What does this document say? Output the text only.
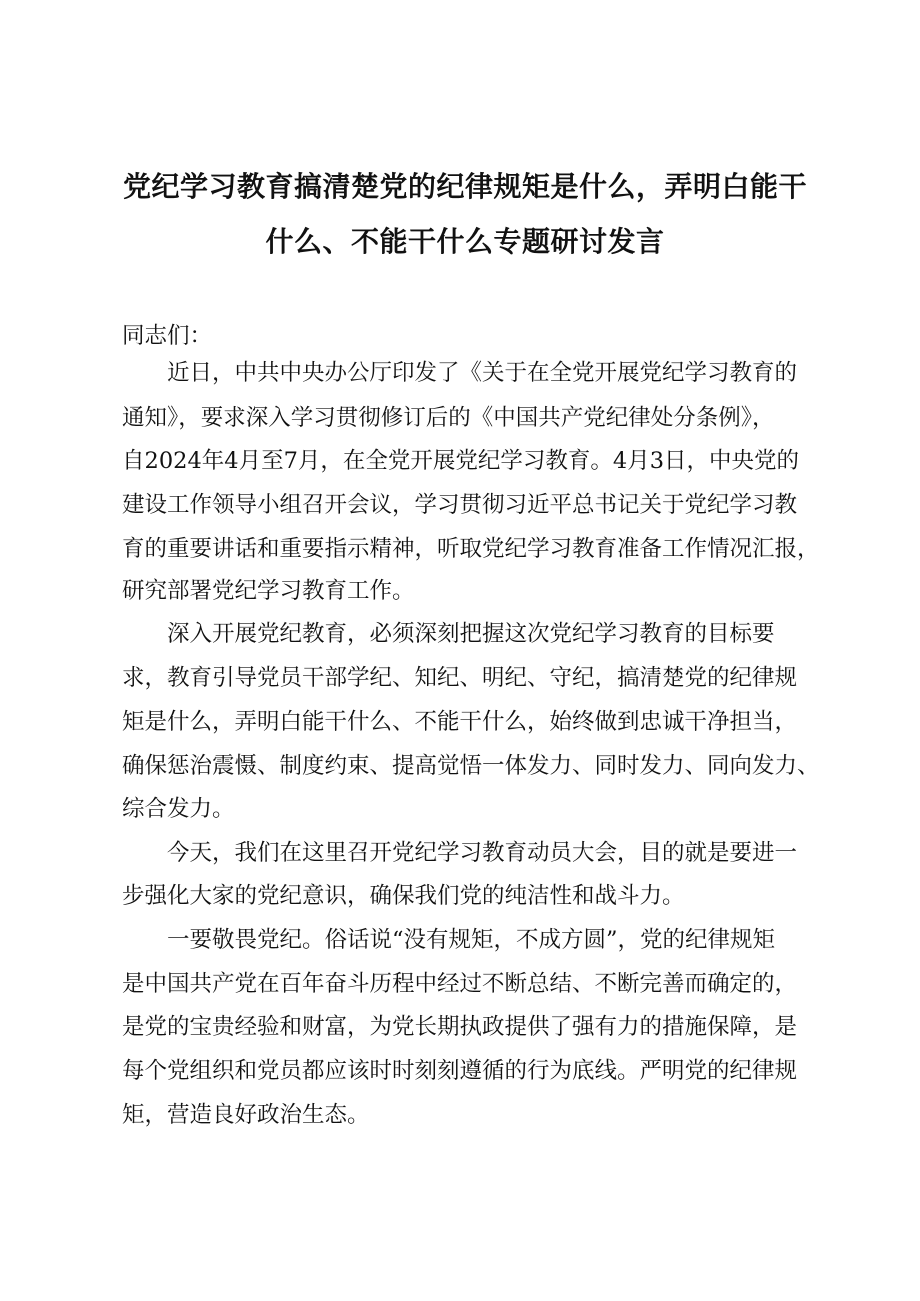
党纪学习教育搞清楚党的纪律规矩是什么，弄明白能干
什么、不能干什么专题研讨发言

同志们：

近日，中共中央办公厅印发了《关于在全党开展党纪学习教育的

通知》，要求深入学习贯彻修订后的《中国共产党纪律处分条例》，

自2024年4月至7月，在全党开展党纪学习教育。4月3日，中央党的

建设工作领导小组召开会议，学习贯彻习近平总书记关于党纪学习教

育的重要讲话和重要指示精神，听取党纪学习教育准备工作情况汇报，

研究部署党纪学习教育工作。

深入开展党纪教育，必须深刻把握这次党纪学习教育的目标要

求，教育引导党员干部学纪、知纪、明纪、守纪，搞清楚党的纪律规

矩是什么，弄明白能干什么、不能干什么，始终做到忠诚干净担当，

确保惩治震慑、制度约束、提高觉悟一体发力、同时发力、同向发力、

综合发力。

今天，我们在这里召开党纪学习教育动员大会，目的就是要进一

步强化大家的党纪意识，确保我们党的纯洁性和战斗力。

一要敬畏党纪。俗话说“没有规矩，不成方圆”，党的纪律规矩

是中国共产党在百年奋斗历程中经过不断总结、不断完善而确定的，

是党的宝贵经验和财富，为党长期执政提供了强有力的措施保障，是

每个党组织和党员都应该时时刻刻遵循的行为底线。严明党的纪律规

矩，营造良好政治生态。
